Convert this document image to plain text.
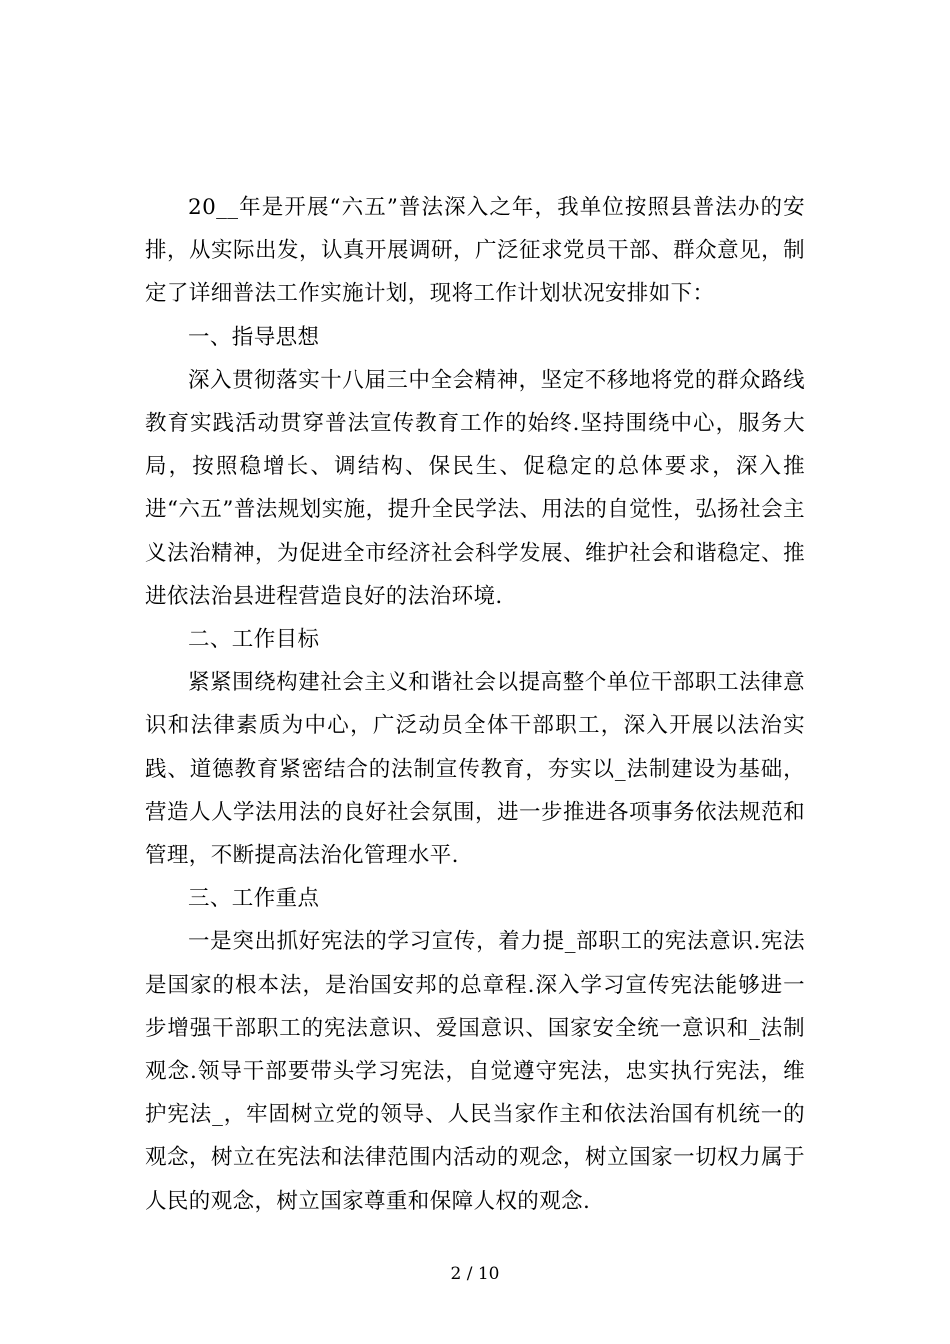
20__年是开展“六五”普法深入之年，我单位按照县普法办的安排，从实际出发，认真开展调研，广泛征求党员干部、群众意见，制定了详细普法工作实施计划，现将工作计划状况安排如下：

一、指导思想

深入贯彻落实十八届三中全会精神，坚定不移地将党的群众路线教育实践活动贯穿普法宣传教育工作的始终.坚持围绕中心，服务大局，按照稳增长、调结构、保民生、促稳定的总体要求，深入推进“六五”普法规划实施，提升全民学法、用法的自觉性，弘扬社会主义法治精神，为促进全市经济社会科学发展、维护社会和谐稳定、推进依法治县进程营造良好的法治环境.

二、工作目标

紧紧围绕构建社会主义和谐社会以提高整个单位干部职工法律意识和法律素质为中心，广泛动员全体干部职工，深入开展以法治实践、道德教育紧密结合的法制宣传教育，夯实以_法制建设为基础，营造人人学法用法的良好社会氛围，进一步推进各项事务依法规范和管理，不断提高法治化管理水平.

三、工作重点

一是突出抓好宪法的学习宣传，着力提_部职工的宪法意识.宪法是国家的根本法，是治国安邦的总章程.深入学习宣传宪法能够进一步增强干部职工的宪法意识、爱国意识、国家安全统一意识和_法制观念.领导干部要带头学习宪法，自觉遵守宪法，忠实执行宪法，维护宪法_，牢固树立党的领导、人民当家作主和依法治国有机统一的观念，树立在宪法和法律范围内活动的观念，树立国家一切权力属于人民的观念，树立国家尊重和保障人权的观念.

2 / 10
